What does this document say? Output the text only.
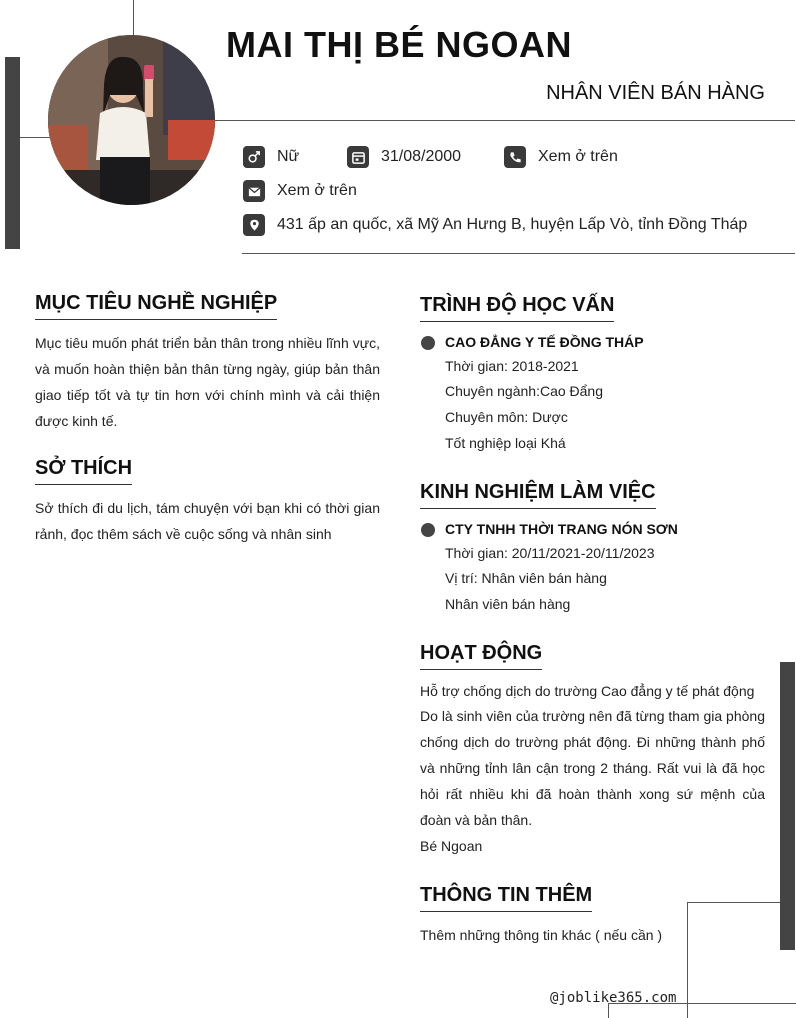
MAI THỊ BÉ NGOAN
NHÂN VIÊN BÁN HÀNG
Nữ	31/08/2000	Xem ở trên
Xem ở trên
431 ấp an quốc, xã Mỹ An Hưng B, huyện Lấp Vò, tỉnh Đồng Tháp
MỤC TIÊU NGHỀ NGHIỆP

Mục tiêu muốn phát triển bản thân trong nhiều lĩnh vực, và muốn hoàn thiện bản thân từng ngày, giúp bản thân giao tiếp tốt và tự tin hơn với chính mình và cải thiện được kinh tế.

SỞ THÍCH

Sở thích đi du lịch, tám chuyện với bạn khi có thời gian rảnh, đọc thêm sách về cuộc sống và nhân sinh

TRÌNH ĐỘ HỌC VẤN
CAO ĐẲNG Y TẾ ĐỒNG THÁP
Thời gian: 2018-2021
Chuyên ngành:Cao Đẩng
Chuyên môn: Dược
Tốt nghiệp loại Khá
KINH NGHIỆM LÀM VIỆC
CTY TNHH THỜI TRANG NÓN SƠN
Thời gian: 20/11/2021-20/11/2023
Vị trí: Nhân viên bán hàng
Nhân viên bán hàng
HOẠT ĐỘNG
Hỗ trợ chống dịch do trường Cao đẳng y tế phát động

Do là sinh viên của trường nên đã từng tham gia phòng chống dịch do trường phát động. Đi những thành phố và những tỉnh lân cận trong 2 tháng. Rất vui là đã học hỏi rất nhiều khi đã hoàn thành xong sứ mệnh của đoàn và bản thân.

Bé Ngoan
THÔNG TIN THÊM
Thêm những thông tin khác ( nếu cần )
@joblike365.com
